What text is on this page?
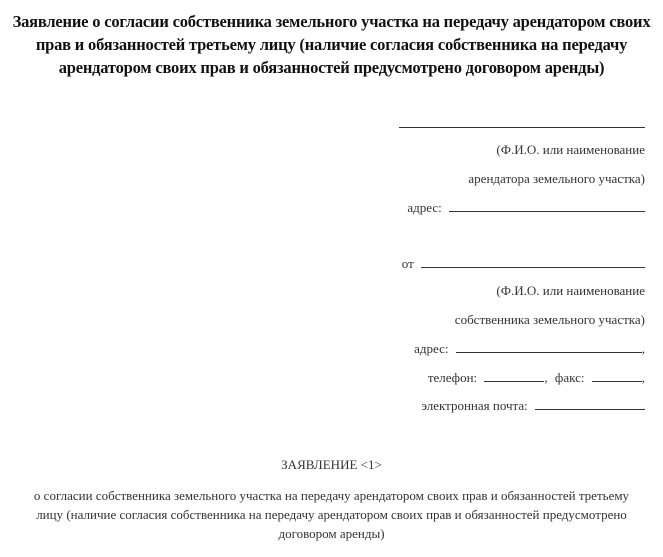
Заявление о согласии собственника земельного участка на передачу арендатором своих прав и обязанностей третьему лицу (наличие согласия собственника на передачу арендатором своих прав и обязанностей предусмотрено договором аренды)
(Ф.И.О. или наименование
арендатора земельного участка)
адрес:
от
(Ф.И.О. или наименование
собственника земельного участка)
адрес:	,
телефон:	, факс:	,
электронная почта:
ЗАЯВЛЕНИЕ <1>
о согласии собственника земельного участка на передачу арендатором своих прав и обязанностей третьему лицу (наличие согласия собственника на передачу арендатором своих прав и обязанностей предусмотрено договором аренды)
